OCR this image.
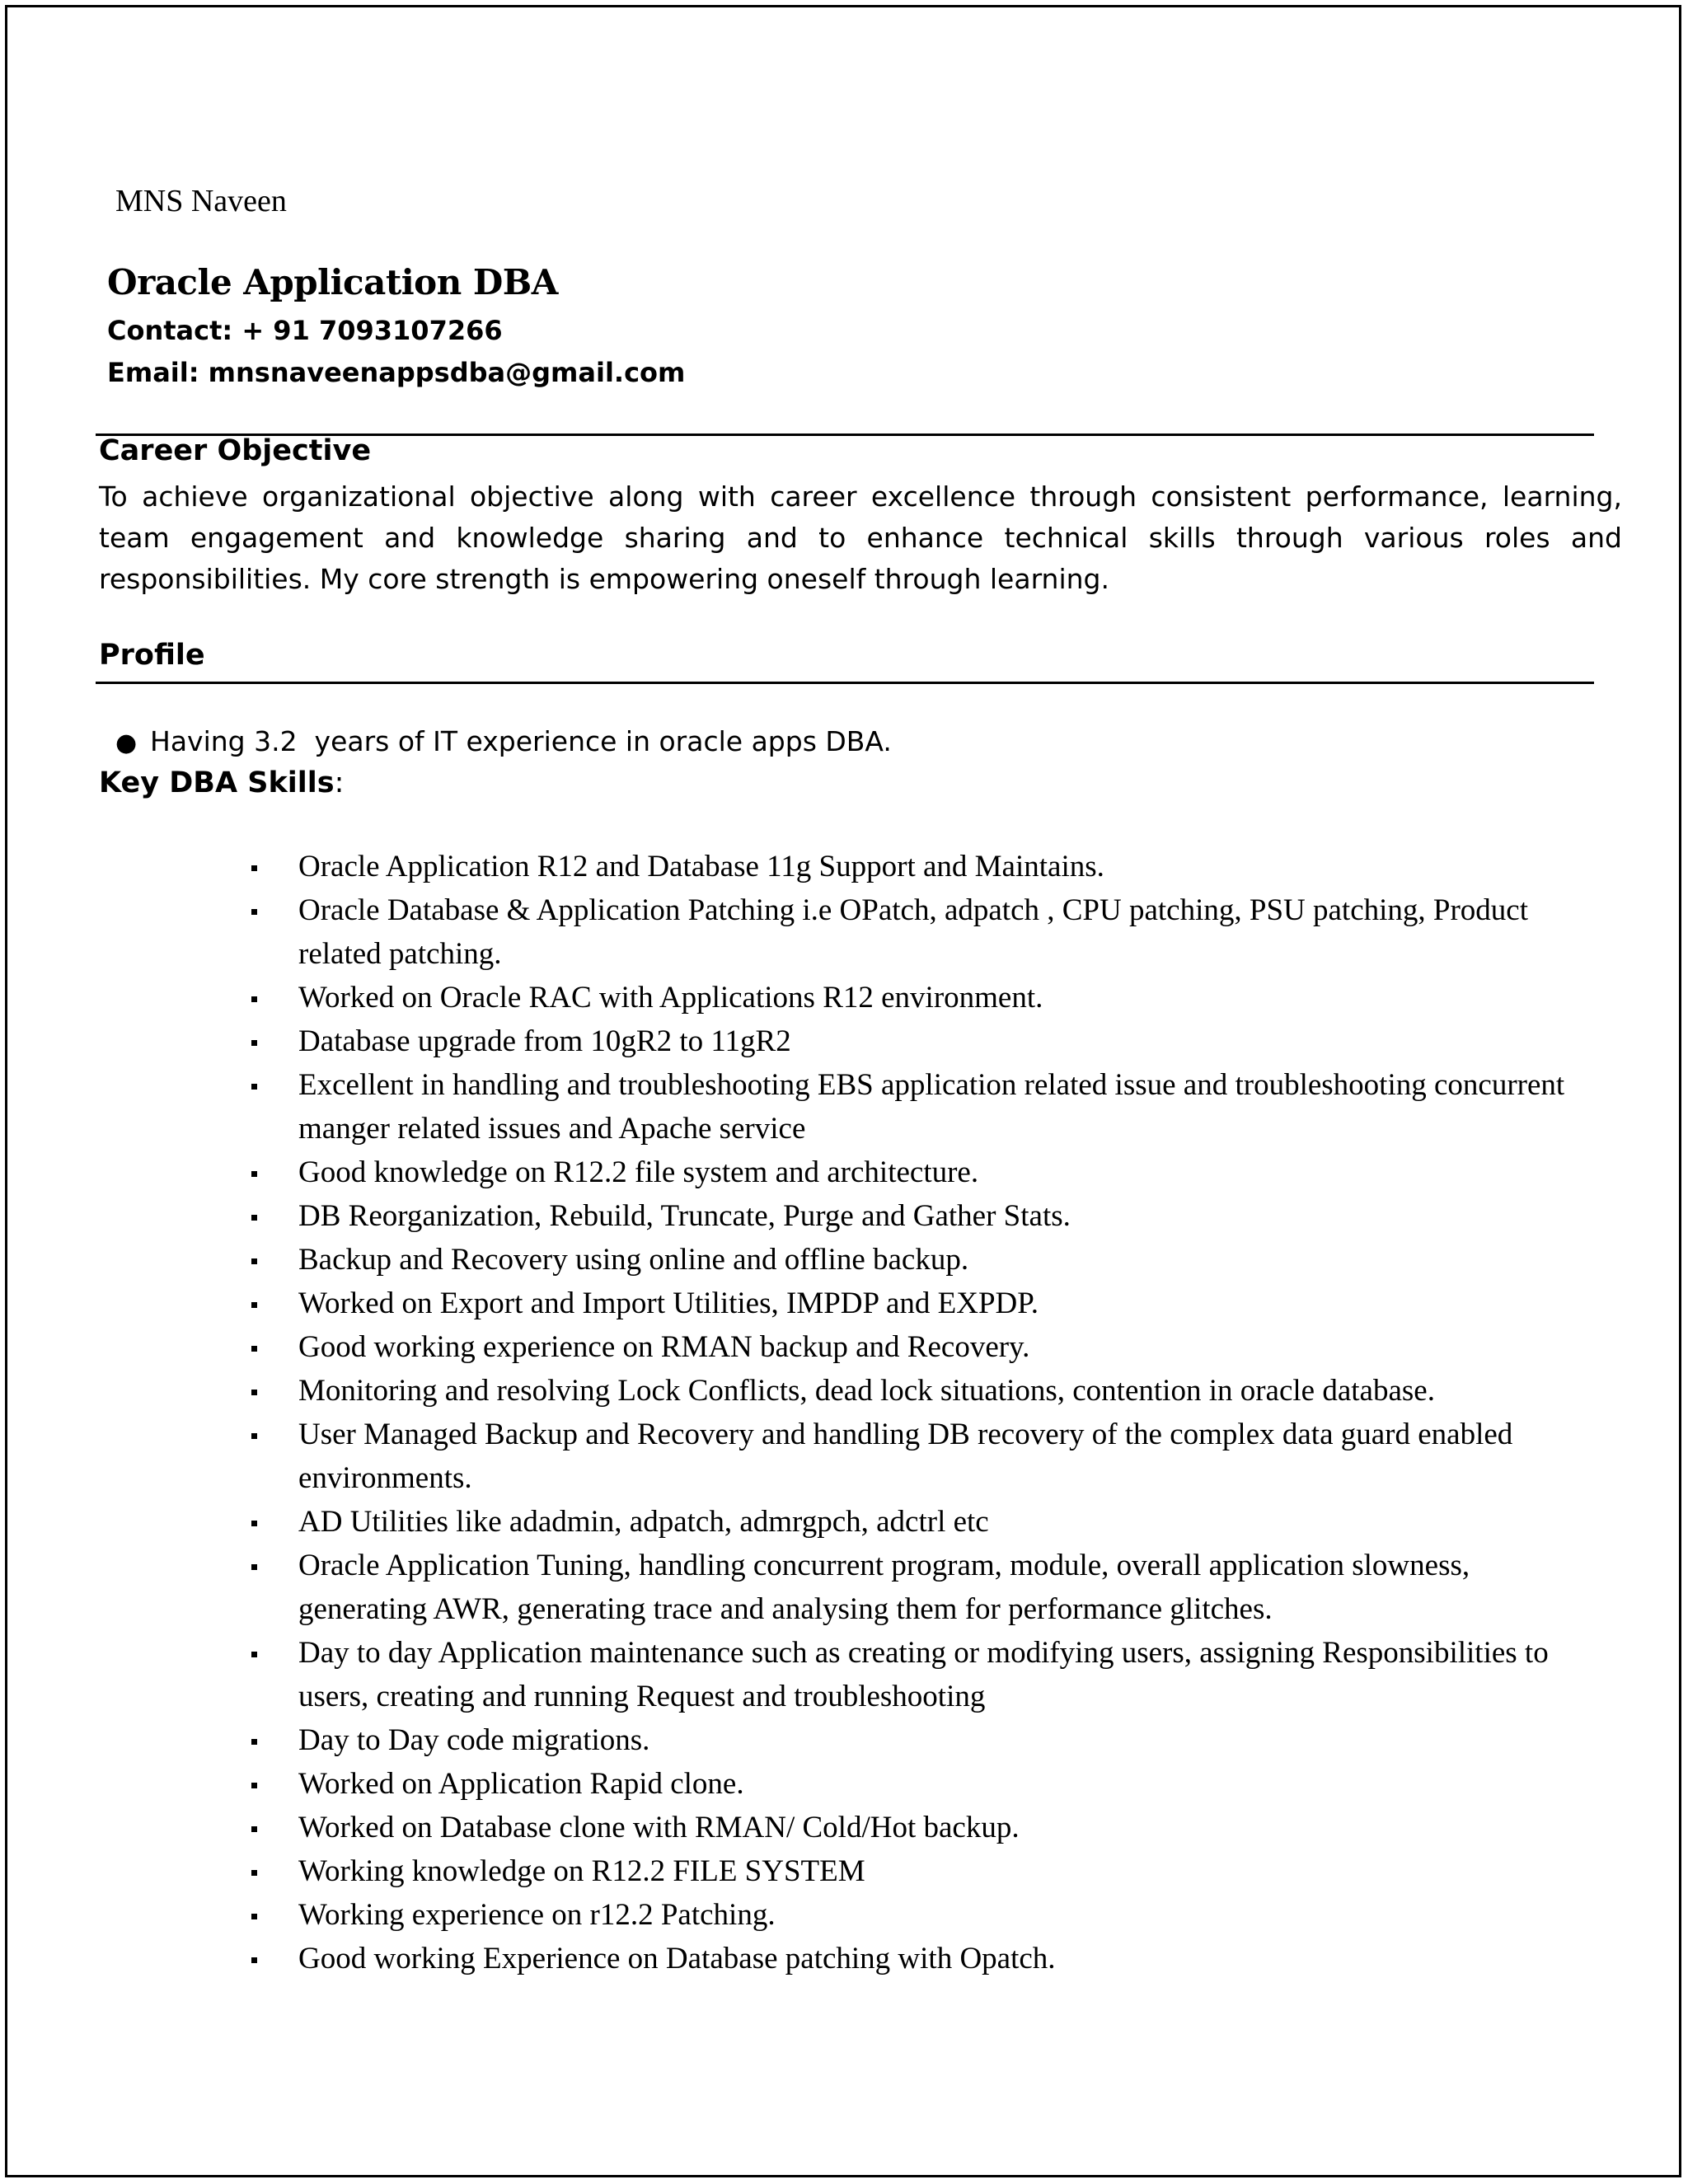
MNS Naveen
Oracle Application DBA
Contact: + 91 7093107266
Email: mnsnaveenappsdba@gmail.com
Career Objective
To achieve organizational objective along with career excellence through consistent performance, learning, team engagement and knowledge sharing and to enhance technical skills through various roles and responsibilities. My core strength is empowering oneself through learning.
Profile
● Having 3.2  years of IT experience in oracle apps DBA.
Key DBA Skills:
Oracle Application R12 and Database 11g Support and Maintains.
Oracle Database & Application Patching i.e OPatch, adpatch , CPU patching, PSU patching, Product related patching.
Worked on Oracle RAC with Applications R12 environment.
Database upgrade from 10gR2 to 11gR2
Excellent in handling and troubleshooting EBS application related issue and troubleshooting concurrent manger related issues and Apache service
Good knowledge on R12.2 file system and architecture.
DB Reorganization, Rebuild, Truncate, Purge and Gather Stats.
Backup and Recovery using online and offline backup.
Worked on Export and Import Utilities, IMPDP and EXPDP.
Good working experience on RMAN backup and Recovery.
Monitoring and resolving Lock Conflicts, dead lock situations, contention in oracle database.
User Managed Backup and Recovery and handling DB recovery of the complex data guard enabled environments.
AD Utilities like adadmin, adpatch, admrgpch, adctrl etc
Oracle Application Tuning, handling concurrent program, module, overall application slowness, generating AWR, generating trace and analysing them for performance glitches.
Day to day Application maintenance such as creating or modifying users, assigning Responsibilities to users, creating and running Request and troubleshooting
Day to Day code migrations.
Worked on Application Rapid clone.
Worked on Database clone with RMAN/ Cold/Hot backup.
Working knowledge on R12.2 FILE SYSTEM
Working experience on r12.2 Patching.
Good working Experience on Database patching with Opatch.
